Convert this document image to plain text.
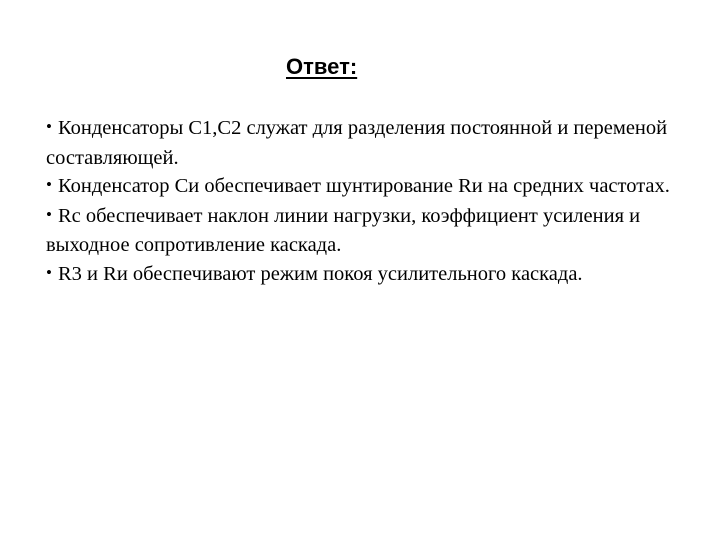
Ответ:

• Конденсаторы С1,С2 служат для разделения постоянной и переменой составляющей.

• Конденсатор Си обеспечивает шунтирование Rи на средних частотах.

• Rс обеспечивает наклон линии нагрузки, коэффициент усиления и выходное сопротивление каскада.

• R3 и Rи обеспечивают режим покоя усилительного каскада.
